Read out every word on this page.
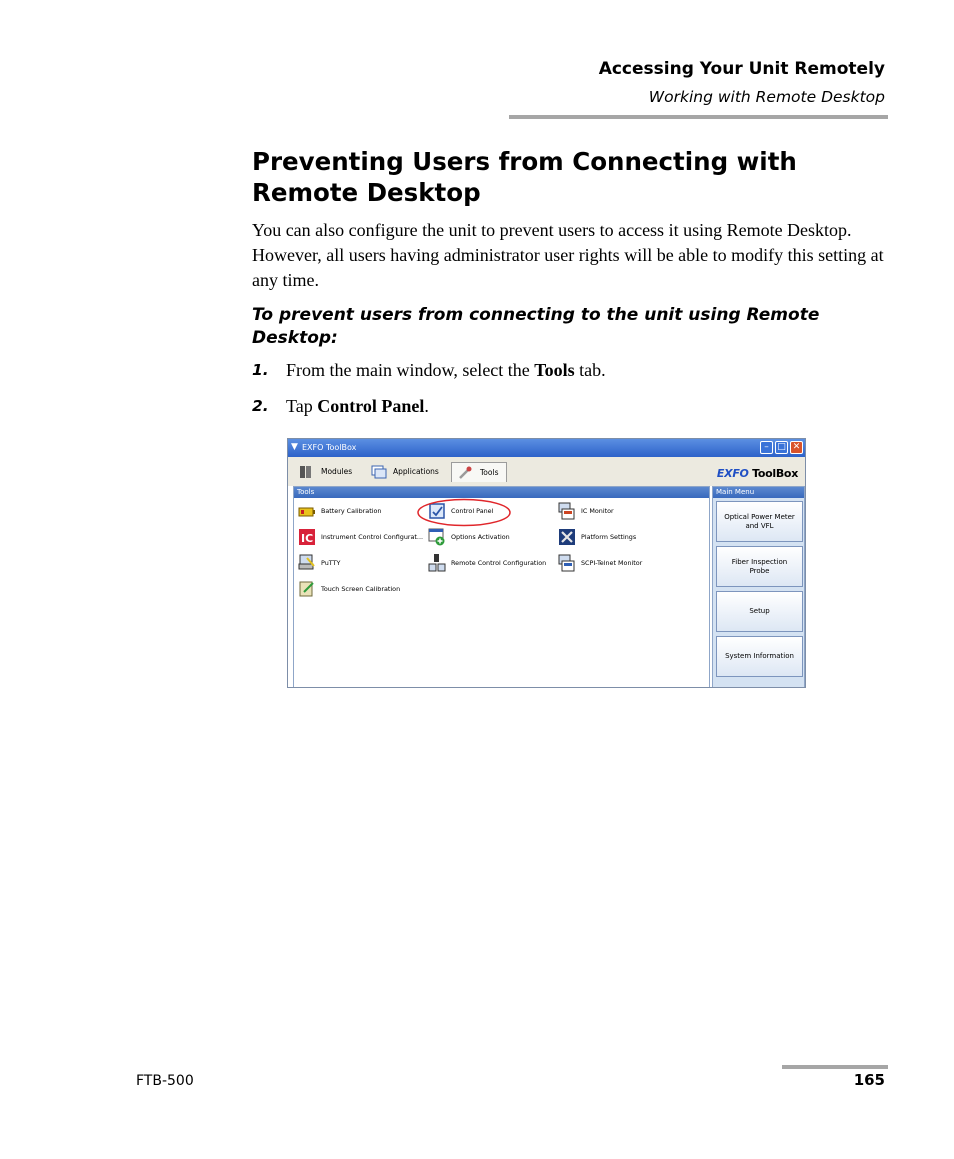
Accessing Your Unit Remotely
Working with Remote Desktop
Preventing Users from Connecting with Remote Desktop
You can also configure the unit to prevent users to access it using Remote Desktop. However, all users having administrator user rights will be able to modify this setting at any time.
To prevent users from connecting to the unit using Remote Desktop:
1. From the main window, select the Tools tab.
2. Tap Control Panel.
▼ EXFO ToolBox	– □ ✕
Modules	Applications	Tools	EXFO ToolBox
Tools
Battery Calibration	Control Panel	IC Monitor
IC Instrument Control Configurat...	Options Activation	Platform Settings
PuTTY	Remote Control Configuration	SCPI-Telnet Monitor
Touch Screen Calibration
Main Menu
Optical Power Meter and VFL
Fiber Inspection Probe
Setup
System Information
FTB-500	165
